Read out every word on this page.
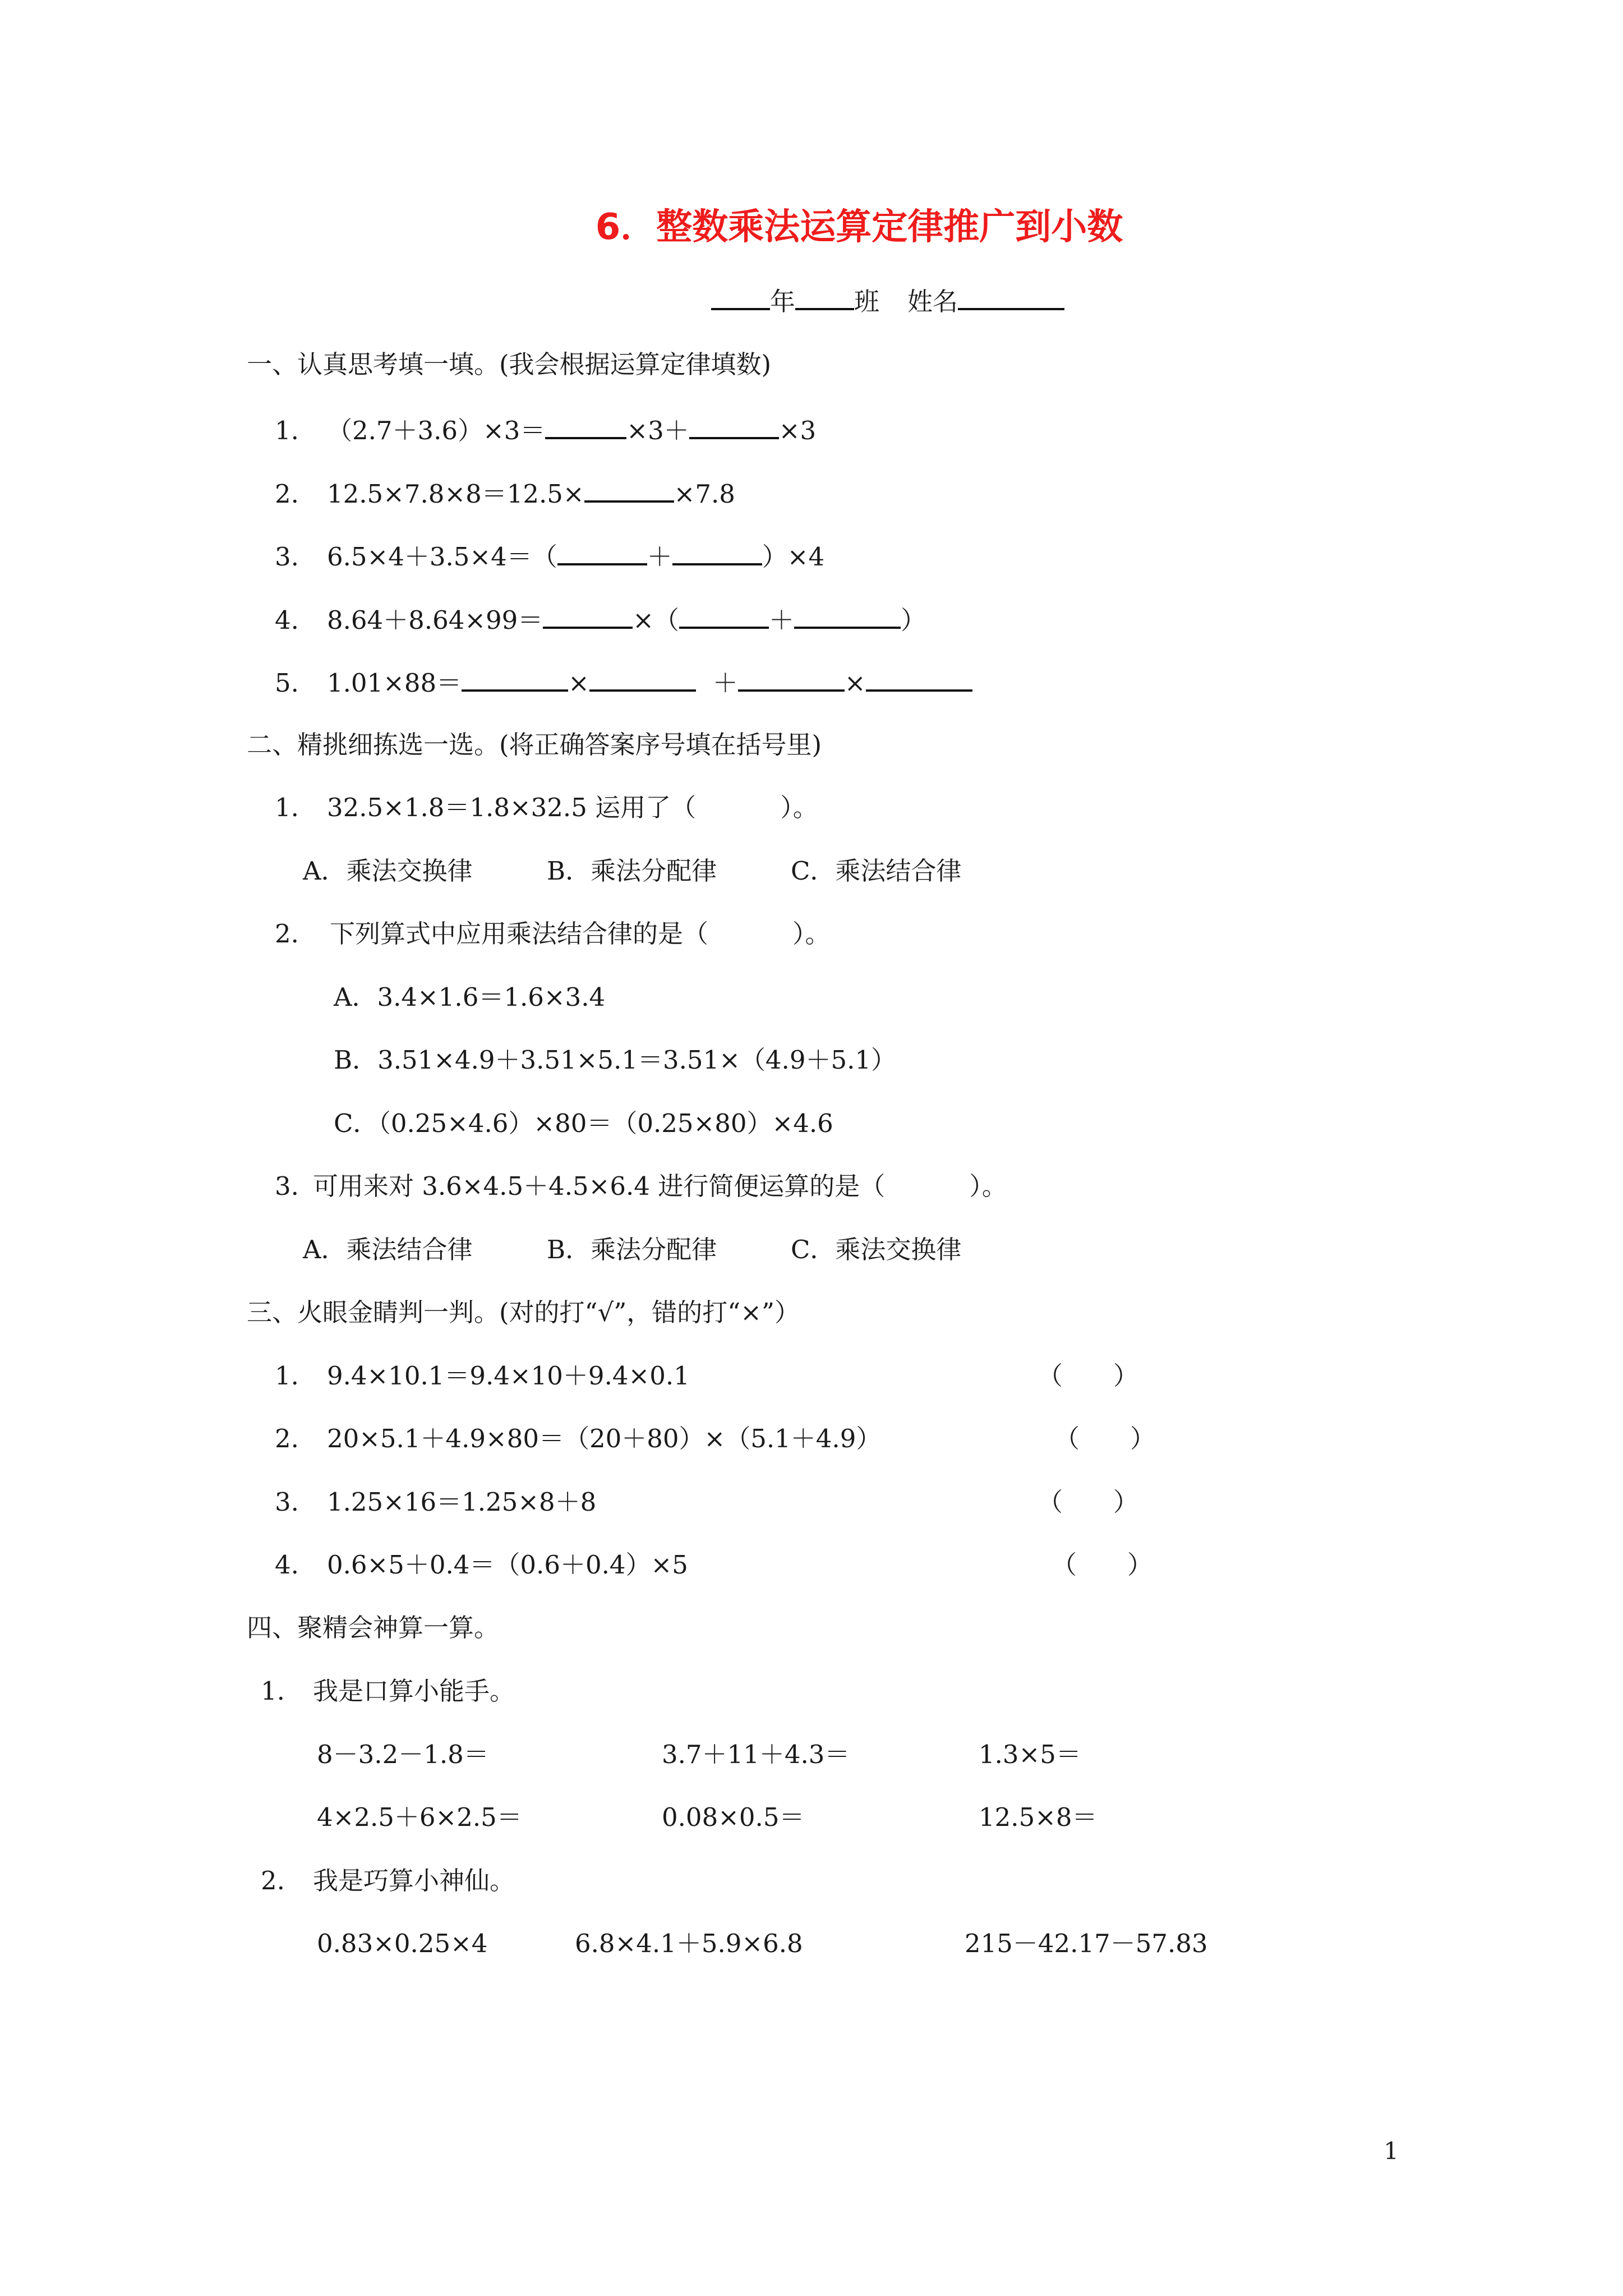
6．整数乘法运算定律推广到小数
年 班 姓名
一、认真思考填一填。(我会根据运算定律填数)
1. （2.7＋3.6）×3＝	×3＋	×3
2. 12.5×7.8×8＝12.5×	×7.8
3. 6.5×4＋3.5×4＝（	＋	）×4
4. 8.64＋8.64×99＝	×（	＋	）
5. 1.01×88＝	×	＋	×
二、精挑细拣选一选。(将正确答案序号填在括号里)
1. 32.5×1.8＝1.8×32.5 运用了（	）。
A．乘法交换律	B．乘法分配律	C．乘法结合律
2. 下列算式中应用乘法结合律的是（	）。
A．3.4×1.6＝1.6×3.4
B．3.51×4.9＋3.51×5.1＝3.51×（4.9＋5.1）
C．（0.25×4.6）×80＝（0.25×80）×4.6
3. 可用来对 3.6×4.5＋4.5×6.4 进行简便运算的是（	）。
A．乘法结合律	B．乘法分配律	C．乘法交换律
三、火眼金睛判一判。(对的打“√”，错的打“×”）
1. 9.4×10.1＝9.4×10＋9.4×0.1	（　　）
2. 20×5.1＋4.9×80＝（20＋80）×（5.1＋4.9）	（　　）
3. 1.25×16＝1.25×8＋8	（　　）
4. 0.6×5＋0.4＝（0.6＋0.4）×5	（　　）
四、聚精会神算一算。
1. 我是口算小能手。
8－3.2－1.8＝	3.7＋11＋4.3＝	1.3×5＝
4×2.5＋6×2.5＝	0.08×0.5＝	12.5×8＝
2. 我是巧算小神仙。
0.83×0.25×4	6.8×4.1＋5.9×6.8	215－42.17－57.83
1
